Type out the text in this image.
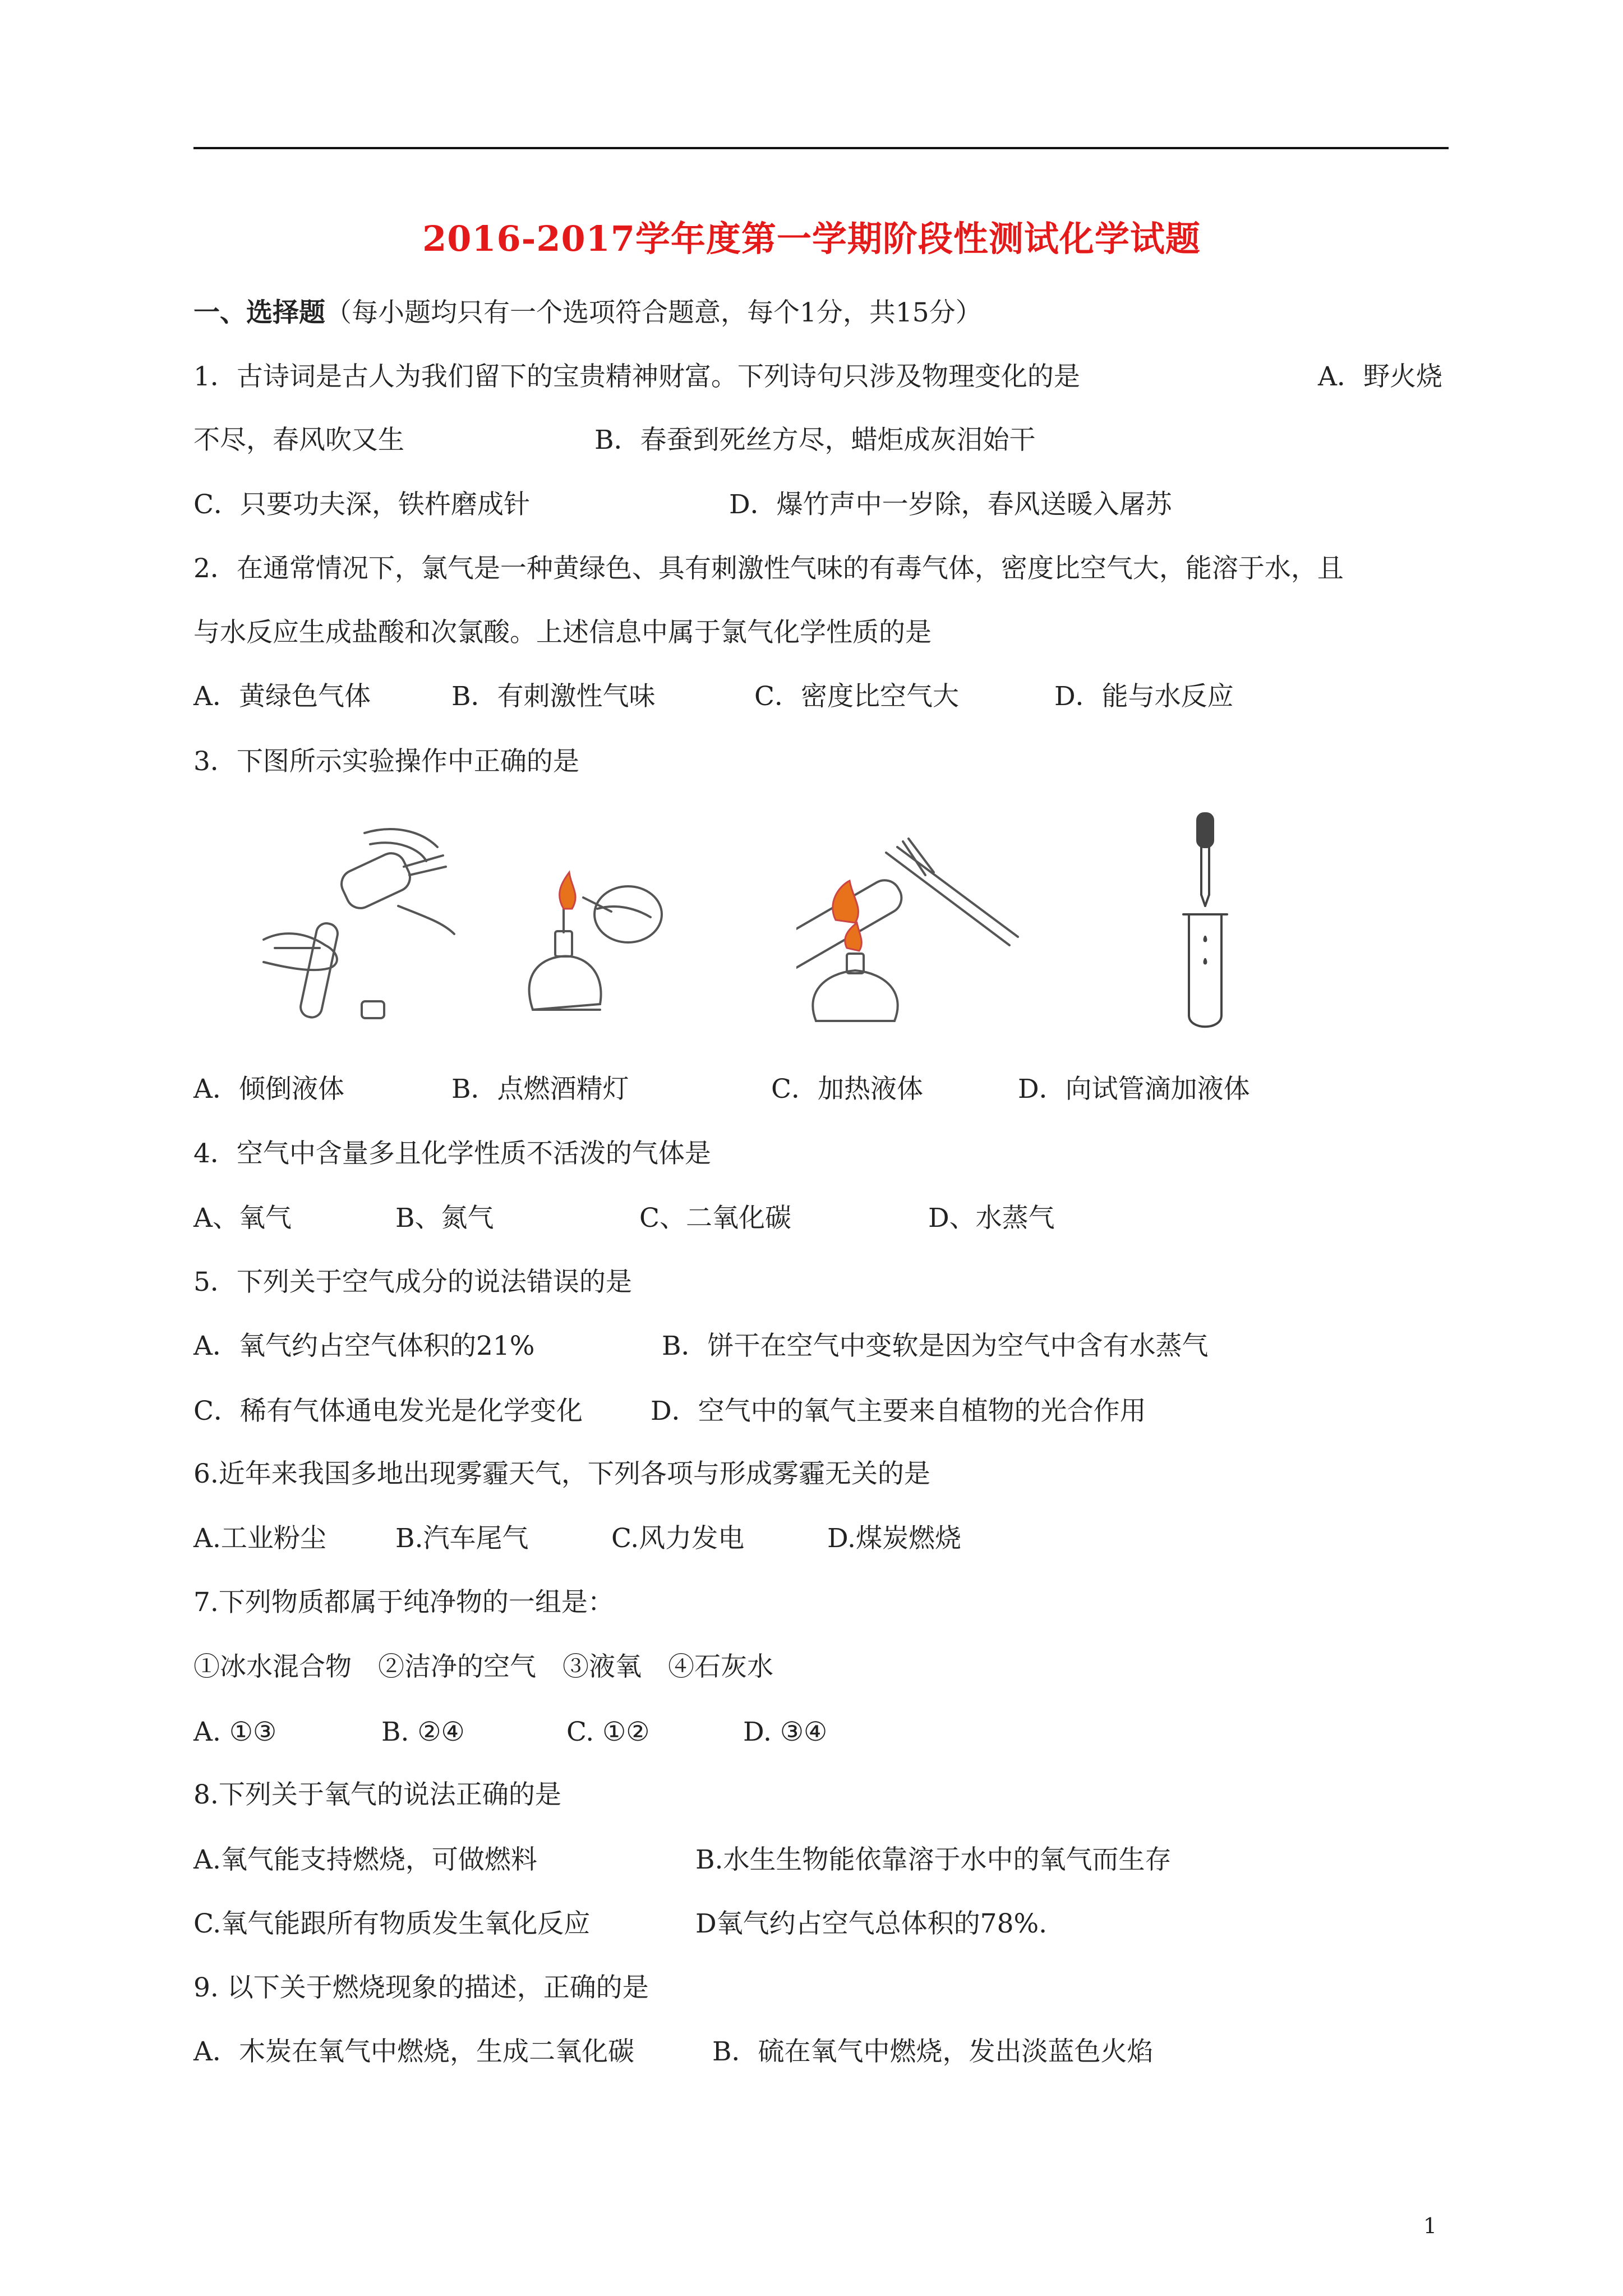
2016-2017学年度第一学期阶段性测试化学试题
一、选择题（每小题均只有一个选项符合题意，每个1分，共15分）
1．古诗词是古人为我们留下的宝贵精神财富。下列诗句只涉及物理变化的是	A．野火烧
不尽，春风吹又生	B．春蚕到死丝方尽，蜡炬成灰泪始干
C．只要功夫深，铁杵磨成针	D．爆竹声中一岁除，春风送暖入屠苏
2．在通常情况下，氯气是一种黄绿色、具有刺激性气味的有毒气体，密度比空气大，能溶于水，且
与水反应生成盐酸和次氯酸。上述信息中属于氯气化学性质的是
A．黄绿色气体	B．有刺激性气味	C．密度比空气大	D．能与水反应
3．下图所示实验操作中正确的是
A．倾倒液体	B．点燃酒精灯	C．加热液体	D．向试管滴加液体
4．空气中含量多且化学性质不活泼的气体是
A、氧气	B、氮气	C、二氧化碳	D、水蒸气
5．下列关于空气成分的说法错误的是
A．氧气约占空气体积的21%	B．饼干在空气中变软是因为空气中含有水蒸气
C．稀有气体通电发光是化学变化	D．空气中的氧气主要来自植物的光合作用
6.近年来我国多地出现雾霾天气，下列各项与形成雾霾无关的是
A.工业粉尘	B.汽车尾气	C.风力发电	D.煤炭燃烧
7.下列物质都属于纯净物的一组是：
①冰水混合物　②洁净的空气　③液氧　④石灰水
A. ①③	B. ②④	C. ①②	D. ③④
8.下列关于氧气的说法正确的是
A.氧气能支持燃烧，可做燃料	B.水生生物能依靠溶于水中的氧气而生存
C.氧气能跟所有物质发生氧化反应	D氧气约占空气总体积的78%.
9. 以下关于燃烧现象的描述，正确的是
A．木炭在氧气中燃烧，生成二氧化碳	B．硫在氧气中燃烧，发出淡蓝色火焰
1
